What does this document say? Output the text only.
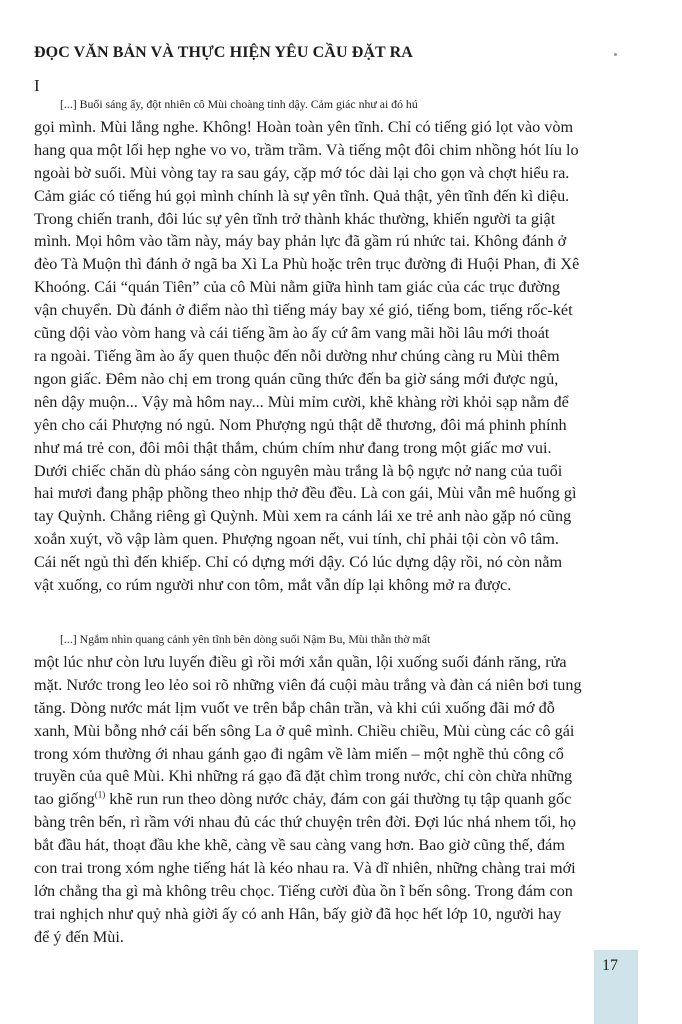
ĐỌC VĂN BẢN VÀ THỰC HIỆN YÊU CẦU ĐẶT RA
I
[...] Buổi sáng ấy, đột nhiên cô Mùi choàng tỉnh dậy. Cảm giác như ai đó hú
gọi mình. Mùi lắng nghe. Không! Hoàn toàn yên tĩnh. Chỉ có tiếng gió lọt vào vòm
hang qua một lối hẹp nghe vo vo, trầm trầm. Và tiếng một đôi chim nhồng hót líu lo
ngoài bờ suối. Mùi vòng tay ra sau gáy, cặp mớ tóc dài lại cho gọn và chợt hiểu ra.
Cảm giác có tiếng hú gọi mình chính là sự yên tĩnh. Quả thật, yên tĩnh đến kì diệu.
Trong chiến tranh, đôi lúc sự yên tĩnh trở thành khác thường, khiến người ta giật
mình. Mọi hôm vào tầm này, máy bay phản lực đã gầm rú nhức tai. Không đánh ở
đèo Tà Muộn thì đánh ở ngã ba Xì La Phù hoặc trên trục đường đi Huội Phan, đi Xê
Khoóng. Cái “quán Tiên” của cô Mùi nằm giữa hình tam giác của các trục đường
vận chuyển. Dù đánh ở điểm nào thì tiếng máy bay xé gió, tiếng bom, tiếng rốc-két
cũng dội vào vòm hang và cái tiếng ầm ào ấy cứ âm vang mãi hồi lâu mới thoát
ra ngoài. Tiếng ầm ào ấy quen thuộc đến nỗi dường như chúng càng ru Mùi thêm
ngon giấc. Đêm nào chị em trong quán cũng thức đến ba giờ sáng mới được ngủ,
nên dậy muộn... Vậy mà hôm nay... Mùi mỉm cười, khẽ khàng rời khỏi sạp nằm để
yên cho cái Phượng nó ngủ. Nom Phượng ngủ thật dễ thương, đôi má phinh phính
như má trẻ con, đôi môi thật thắm, chúm chím như đang trong một giấc mơ vui.
Dưới chiếc chăn dù pháo sáng còn nguyên màu trắng là bộ ngực nở nang của tuổi
hai mươi đang phập phồng theo nhịp thở đều đều. Là con gái, Mùi vẫn mê huống gì
tay Quỳnh. Chẳng riêng gì Quỳnh. Mùi xem ra cánh lái xe trẻ anh nào gặp nó cũng
xoắn xuýt, vồ vập làm quen. Phượng ngoan nết, vui tính, chỉ phải tội còn vô tâm.
Cái nết ngủ thì đến khiếp. Chỉ có dựng mới dậy. Có lúc dựng dậy rồi, nó còn nằm
vật xuống, co rúm người như con tôm, mắt vẫn díp lại không mở ra được.
[...] Ngắm nhìn quang cảnh yên tĩnh bên dòng suối Nậm Bu, Mùi thẫn thờ mất
một lúc như còn lưu luyến điều gì rồi mới xắn quần, lội xuống suối đánh răng, rửa
mặt. Nước trong leo lẻo soi rõ những viên đá cuội màu trắng và đàn cá niên bơi tung
tăng. Dòng nước mát lịm vuốt ve trên bắp chân trần, và khi cúi xuống đãi mớ đỗ
xanh, Mùi bỗng nhớ cái bến sông La ở quê mình. Chiều chiều, Mùi cùng các cô gái
trong xóm thường ới nhau gánh gạo đi ngâm về làm miến – một nghề thủ công cổ
truyền của quê Mùi. Khi những rá gạo đã đặt chìm trong nước, chỉ còn chừa những
tao giống$^{(1)}$ khẽ run run theo dòng nước chảy, đám con gái thường tụ tập quanh gốc
bàng trên bến, rì rầm với nhau đủ các thứ chuyện trên đời. Đợi lúc nhá nhem tối, họ
bắt đầu hát, thoạt đầu khe khẽ, càng về sau càng vang hơn. Bao giờ cũng thế, đám
con trai trong xóm nghe tiếng hát là kéo nhau ra. Và dĩ nhiên, những chàng trai mới
lớn chẳng tha gì mà không trêu chọc. Tiếng cười đùa ồn ĩ bến sông. Trong đám con
trai nghịch như quỷ nhà giời ấy có anh Hân, bấy giờ đã học hết lớp 10, người hay
để ý đến Mùi.
17
